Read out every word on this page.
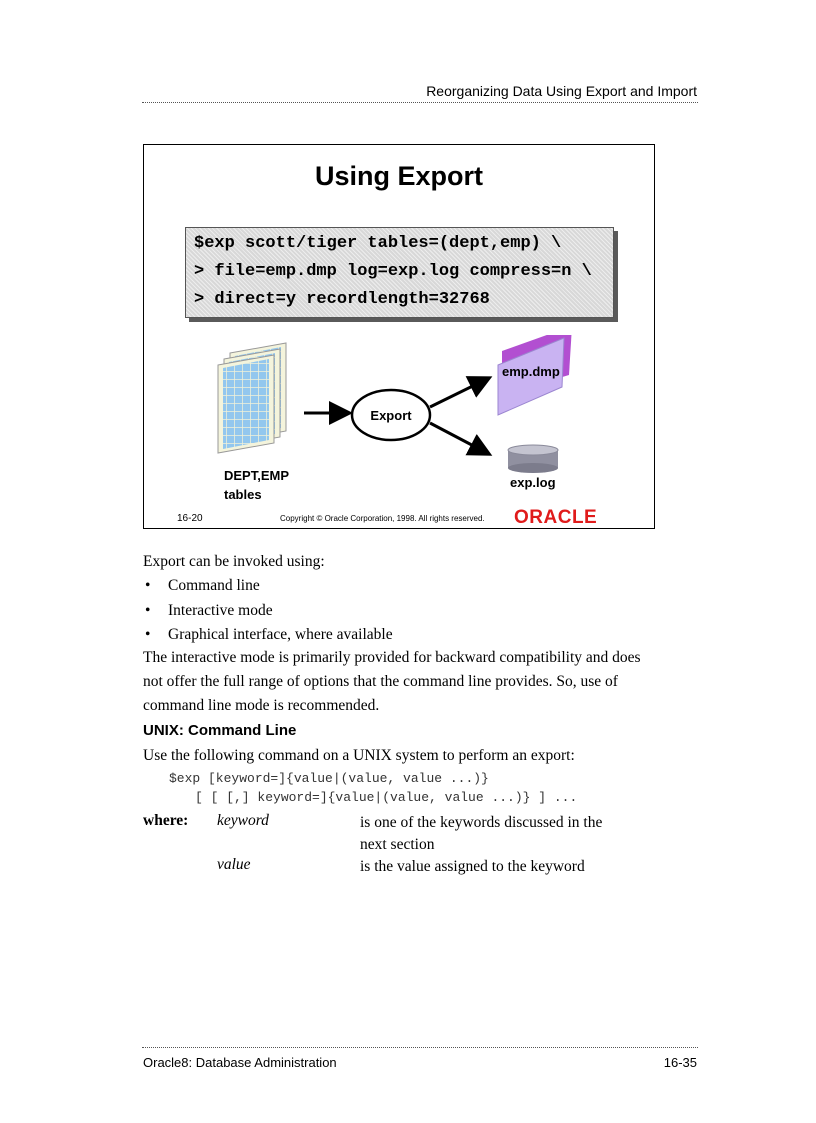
Reorganizing Data Using Export and Import
Using Export
$exp scott/tiger tables=(dept,emp) \
> file=emp.dmp log=exp.log compress=n \
> direct=y recordlength=32768
DEPT,EMP
tables
Export
emp.dmp
exp.log
16-20	Copyright © Oracle Corporation, 1998. All rights reserved. ORACLE
Export can be invoked using:
• Command line
• Interactive mode
• Graphical interface, where available
The interactive mode is primarily provided for backward compatibility and does not offer the full range of options that the command line provides. So, use of command line mode is recommended.
UNIX: Command Line
Use the following command on a UNIX system to perform an export:
$exp [keyword=]{value|(value, value ...)}
[ [ [,] keyword=]{value|(value, value ...)} ] ...
where: keyword	is one of the keywords discussed in the next section
value	is the value assigned to the keyword
Oracle8: Database Administration	16-35
